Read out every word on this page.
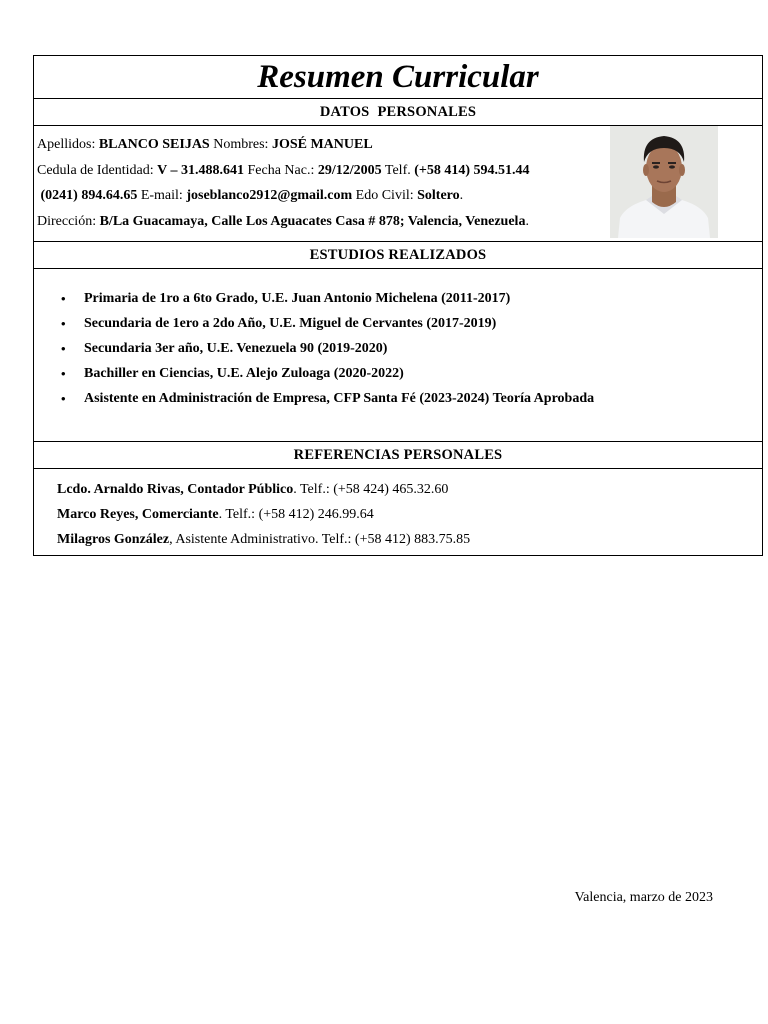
Resumen Curricular
DATOS PERSONALES
Apellidos: BLANCO SEIJAS Nombres: JOSÉ MANUEL
Cedula de Identidad: V – 31.488.641 Fecha Nac.: 29/12/2005 Telf. (+58 414) 594.51.44
(0241) 894.64.65 E-mail: joseblanco2912@gmail.com Edo Civil: Soltero.
Dirección: B/La Guacamaya, Calle Los Aguacates Casa # 878; Valencia, Venezuela.
ESTUDIOS REALIZADOS
• Primaria de 1ro a 6to Grado, U.E. Juan Antonio Michelena (2011-2017)
• Secundaria de 1ero a 2do Año, U.E. Miguel de Cervantes (2017-2019)
• Secundaria 3er año, U.E. Venezuela 90 (2019-2020)
• Bachiller en Ciencias, U.E. Alejo Zuloaga (2020-2022)
• Asistente en Administración de Empresa, CFP Santa Fé (2023-2024) Teoría Aprobada
REFERENCIAS PERSONALES
Lcdo. Arnaldo Rivas, Contador Público. Telf.: (+58 424) 465.32.60
Marco Reyes, Comerciante. Telf.: (+58 412) 246.99.64
Milagros González, Asistente Administrativo. Telf.: (+58 412) 883.75.85
Valencia, marzo de 2023
